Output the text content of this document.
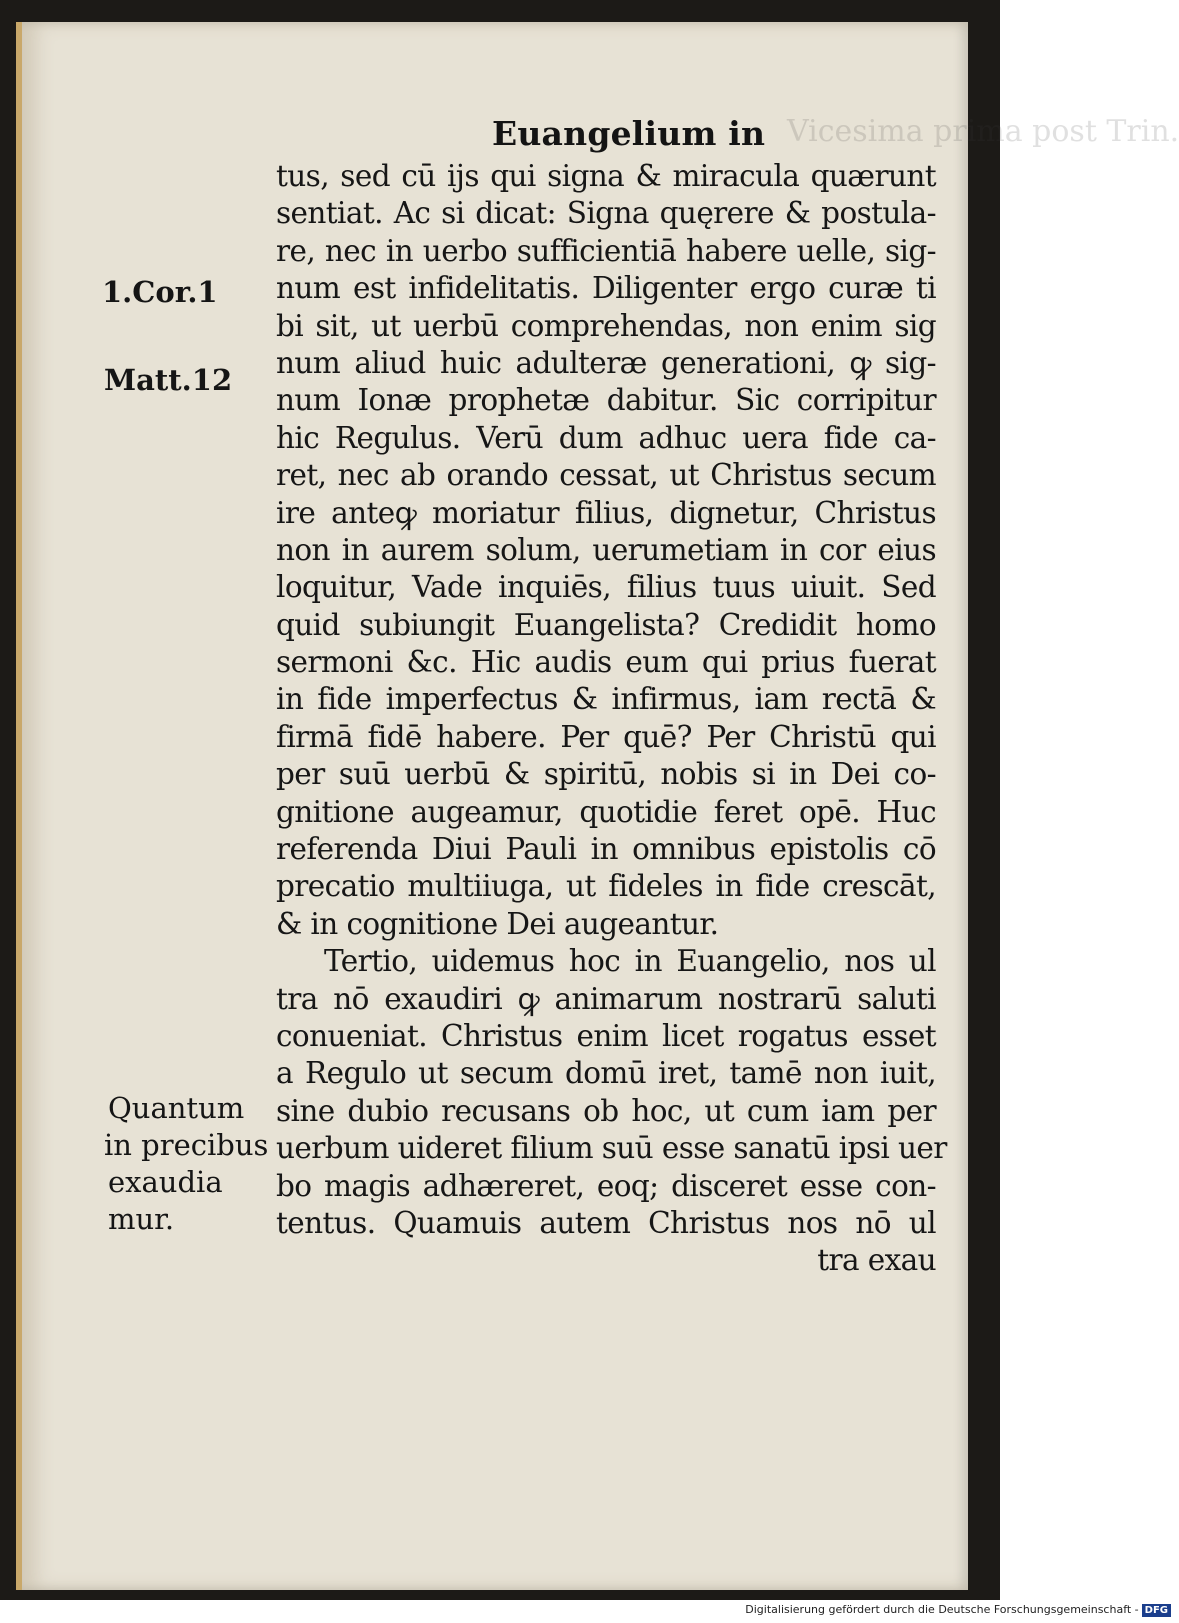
Vicesima prima post Trin.
Euangelium in
1.Cor.1
Matt.12
Quantum
in precibus
exaudia
mur.
tus, sed cū ijs qui signa & miracula quærunt
sentiat. Ac si dicat: Signa quęrere & postula-
re, nec in uerbo sufficientiā habere uelle, sig-
num est infidelitatis. Diligenter ergo curæ ti
bi sit, ut uerbū comprehendas, non enim sig
num aliud huic adulteræ generationi, ꝙ sig-
num Ionæ prophetæ dabitur. Sic corripitur
hic Regulus. Verū dum adhuc uera fide ca-
ret, nec ab orando cessat, ut Christus secum
ire anteꝙ moriatur filius, dignetur, Christus
non in aurem solum, uerumetiam in cor eius
loquitur, Vade inquiēs, filius tuus uiuit. Sed
quid subiungit Euangelista? Credidit homo
sermoni &c. Hic audis eum qui prius fuerat
in fide imperfectus & infirmus, iam rectā &
firmā fidē habere. Per quē? Per Christū qui
per suū uerbū & spiritū, nobis si in Dei co-
gnitione augeamur, quotidie feret opē. Huc
referenda Diui Pauli in omnibus epistolis cō
precatio multiiuga, ut fideles in fide crescāt,
& in cognitione Dei augeantur.
Tertio, uidemus hoc in Euangelio, nos ul
tra nō exaudiri ꝙ animarum nostrarū saluti
conueniat. Christus enim licet rogatus esset
a Regulo ut secum domū iret, tamē non iuit,
sine dubio recusans ob hoc, ut cum iam per
uerbum uideret filium suū esse sanatū ipsi uer
bo magis adhæreret, eoq; disceret esse con-
tentus. Quamuis autem Christus nos nō ul
tra exau
Digitalisierung gefördert durch die Deutsche Forschungsgemeinschaft - DFG
